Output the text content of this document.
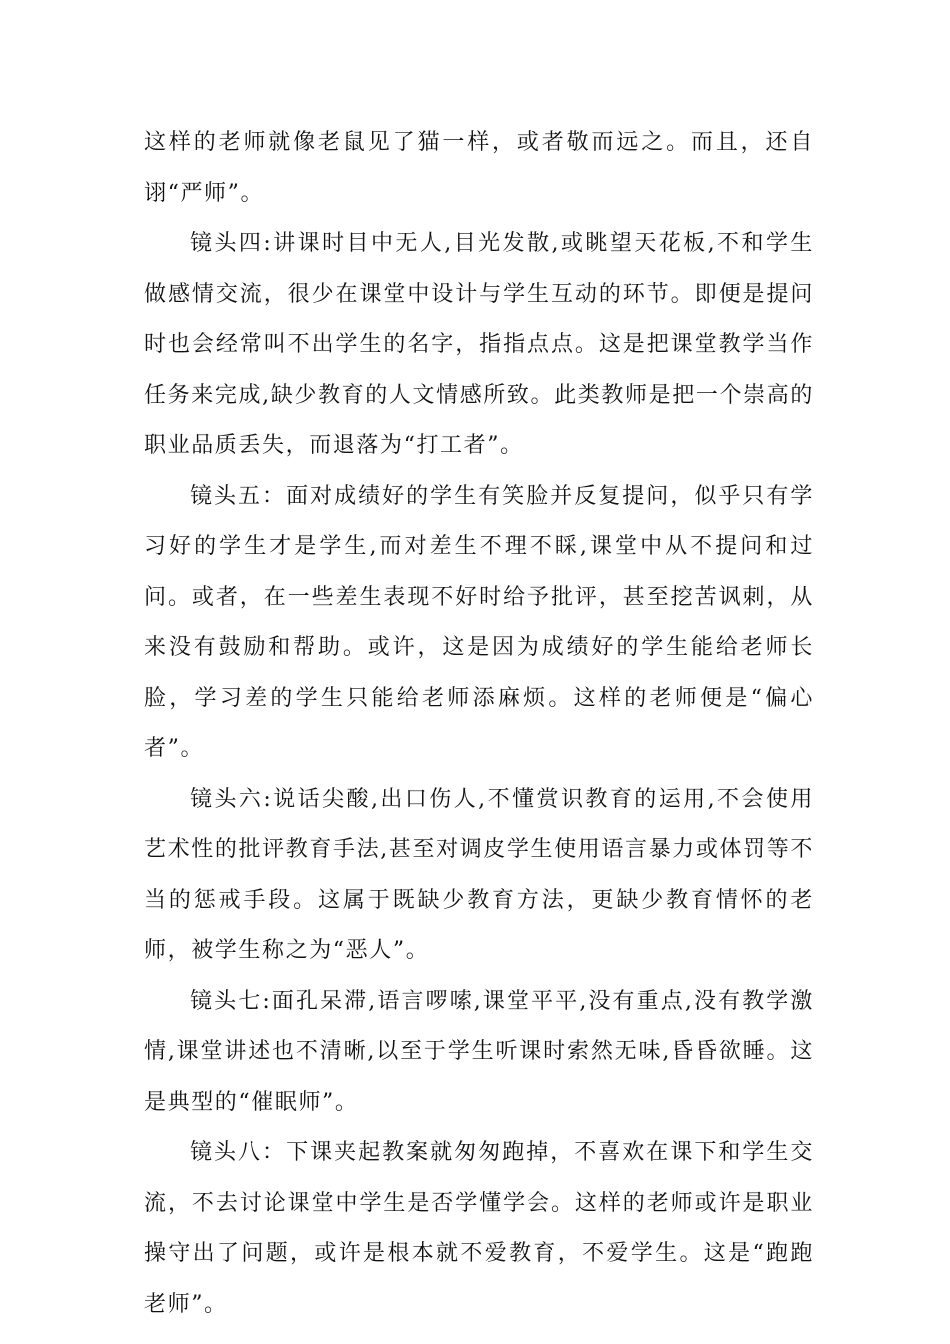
这样的老师就像老鼠见了猫一样，或者敬而远之。而且，还自诩“严师”。

镜头四:讲课时目中无人,目光发散,或眺望天花板,不和学生做感情交流，很少在课堂中设计与学生互动的环节。即便是提问时也会经常叫不出学生的名字，指指点点。这是把课堂教学当作任务来完成,缺少教育的人文情感所致。此类教师是把一个崇高的职业品质丢失，而退落为“打工者”。

镜头五：面对成绩好的学生有笑脸并反复提问，似乎只有学习好的学生才是学生,而对差生不理不睬,课堂中从不提问和过问。或者，在一些差生表现不好时给予批评，甚至挖苦讽刺，从来没有鼓励和帮助。或许，这是因为成绩好的学生能给老师长脸，学习差的学生只能给老师添麻烦。这样的老师便是“偏心者”。

镜头六:说话尖酸,出口伤人,不懂赏识教育的运用,不会使用艺术性的批评教育手法,甚至对调皮学生使用语言暴力或体罚等不当的惩戒手段。这属于既缺少教育方法，更缺少教育情怀的老师，被学生称之为“恶人”。

镜头七:面孔呆滞,语言啰嗦,课堂平平,没有重点,没有教学激情,课堂讲述也不清晰,以至于学生听课时索然无味,昏昏欲睡。这是典型的“催眠师”。

镜头八：下课夹起教案就匆匆跑掉，不喜欢在课下和学生交流，不去讨论课堂中学生是否学懂学会。这样的老师或许是职业操守出了问题，或许是根本就不爱教育，不爱学生。这是“跑跑老师”。
